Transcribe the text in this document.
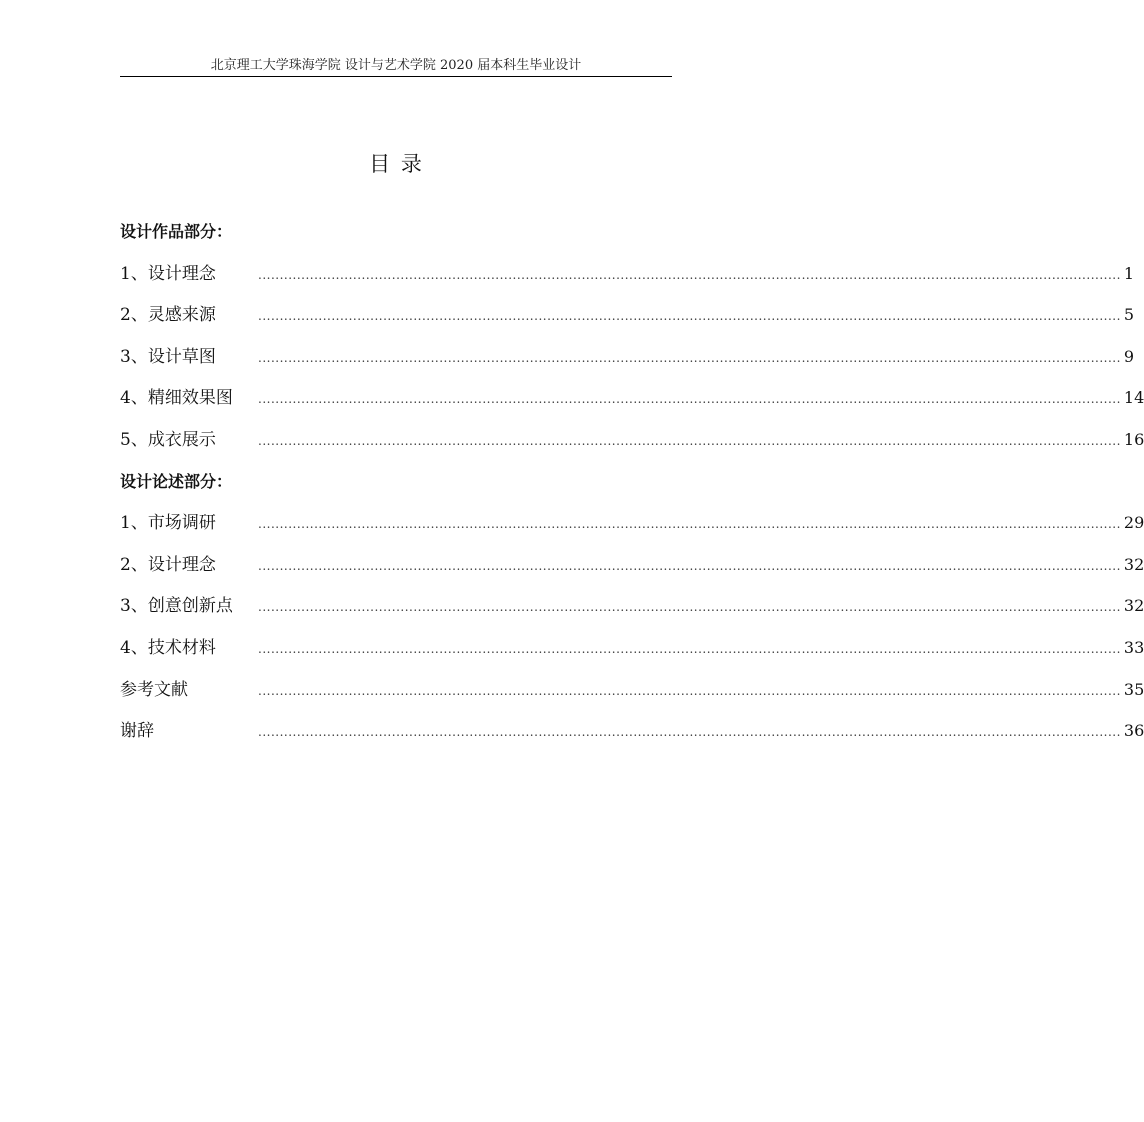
北京理工大学珠海学院 设计与艺术学院 2020 届本科生毕业设计
目 录
设计作品部分：
1、设计理念	........................................................................................................................................................................................................ 1
2、灵感来源	........................................................................................................................................................................................................ 5
3、设计草图	........................................................................................................................................................................................................ 9
4、精细效果图	........................................................................................................................................................................................................ 14
5、成衣展示	........................................................................................................................................................................................................ 16
设计论述部分：
1、市场调研	........................................................................................................................................................................................................ 29
2、设计理念	........................................................................................................................................................................................................ 32
3、创意创新点	........................................................................................................................................................................................................ 32
4、技术材料	........................................................................................................................................................................................................ 33
参考文献	........................................................................................................................................................................................................ 35
谢辞	........................................................................................................................................................................................................ 36
